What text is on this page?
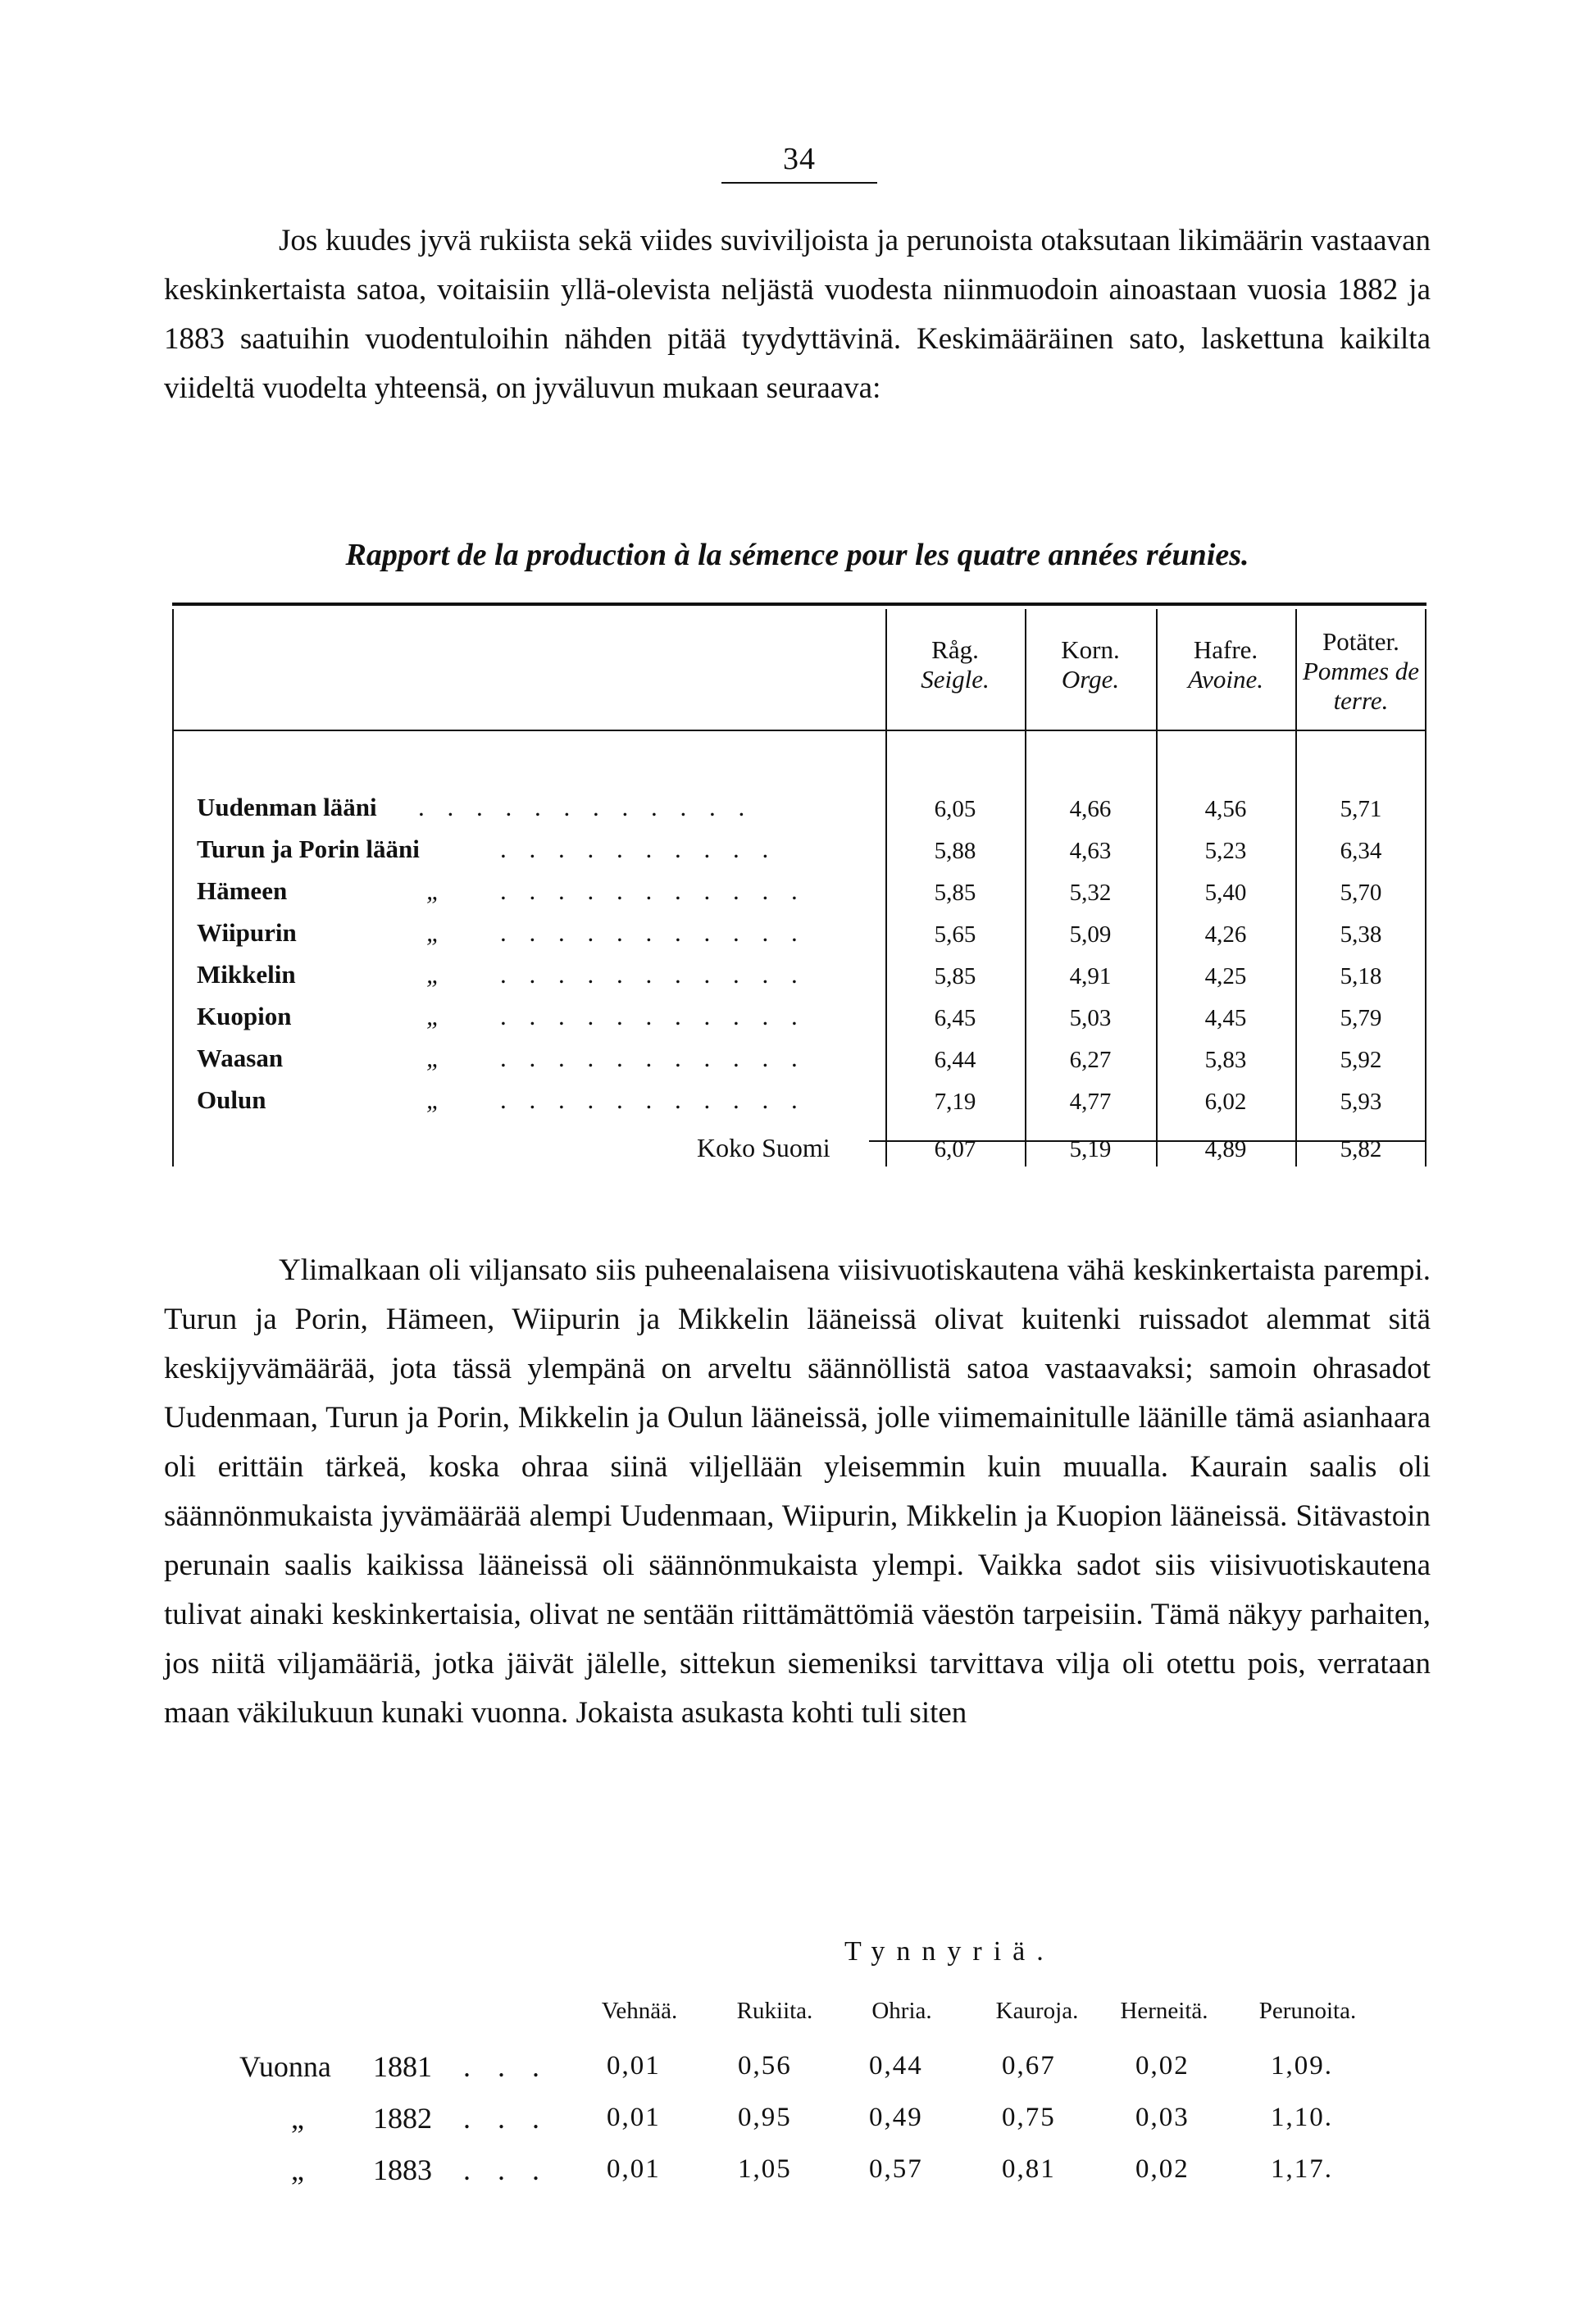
34
Jos kuudes jyvä rukiista sekä viides suviviljoista ja perunoista otaksutaan likimäärin vastaavan keskinkertaista satoa, voitaisiin yllä-olevista neljästä vuodesta niinmuodoin ainoastaan vuosia 1882 ja 1883 saatuihin vuodentuloihin nähden pitää tyydyttävinä. Keskimääräinen sato, laskettuna kaikilta viideltä vuodelta yhteensä, on jyväluvun mukaan seuraava:
Rapport de la production à la sémence pour les quatre années réunies.
Råg.
Seigle.
Korn.
Orge.
Hafre.
Avoine.
Potäter.
Pommes de terre.
Uudenman lääni . . . . . . . . . . . .	6,05	4,66	4,56	5,71
Turun ja Porin lääni	. . . . . . . . . .	5,88	4,63	5,23	6,34
Hämeen	„ . . . . . . . . . . .	5,85	5,32	5,40	5,70
Wiipurin	„ . . . . . . . . . . .	5,65	5,09	4,26	5,38
Mikkelin	„ . . . . . . . . . . .	5,85	4,91	4,25	5,18
Kuopion	„ . . . . . . . . . . .	6,45	5,03	4,45	5,79
Waasan	„ . . . . . . . . . . .	6,44	6,27	5,83	5,92
Oulun	„ . . . . . . . . . . .	7,19	4,77	6,02	5,93
Koko Suomi	6,07	5,19	4,89	5,82
Ylimalkaan oli viljansato siis puheenalaisena viisivuotiskautena vähä keskinkertaista parempi. Turun ja Porin, Hämeen, Wiipurin ja Mikkelin lääneissä olivat kuitenki ruissadot alemmat sitä keskijyvämäärää, jota tässä ylempänä on arveltu säännöllistä satoa vastaavaksi; samoin ohrasadot Uudenmaan, Turun ja Porin, Mikkelin ja Oulun lääneissä, jolle viimemainitulle läänille tämä asianhaara oli erittäin tärkeä, koska ohraa siinä viljellään yleisemmin kuin muualla. Kaurain saalis oli säännönmukaista jyvämäärää alempi Uudenmaan, Wiipurin, Mikkelin ja Kuopion lääneissä. Sitävastoin perunain saalis kaikissa lääneissä oli säännönmukaista ylempi. Vaikka sadot siis viisivuotiskautena tulivat ainaki keskinkertaisia, olivat ne sentään riittämättömiä väestön tarpeisiin. Tämä näkyy parhaiten, jos niitä viljamääriä, jotka jäivät jälelle, sittekun siemeniksi tarvittava vilja oli otettu pois, verrataan maan väkilukuun kunaki vuonna. Jokaista asukasta kohti tuli siten
Tynnyriä.
Vehnää.	Rukiita.	Ohria.	Kauroja.	Herneitä.	Perunoita.
Vuonna 1881 . . . 0,01	0,56	0,44	0,67	0,02	1,09.
„ 1882 . . . 0,01	0,95	0,49	0,75	0,03	1,10.
„ 1883 . . . 0,01	1,05	0,57	0,81	0,02	1,17.
